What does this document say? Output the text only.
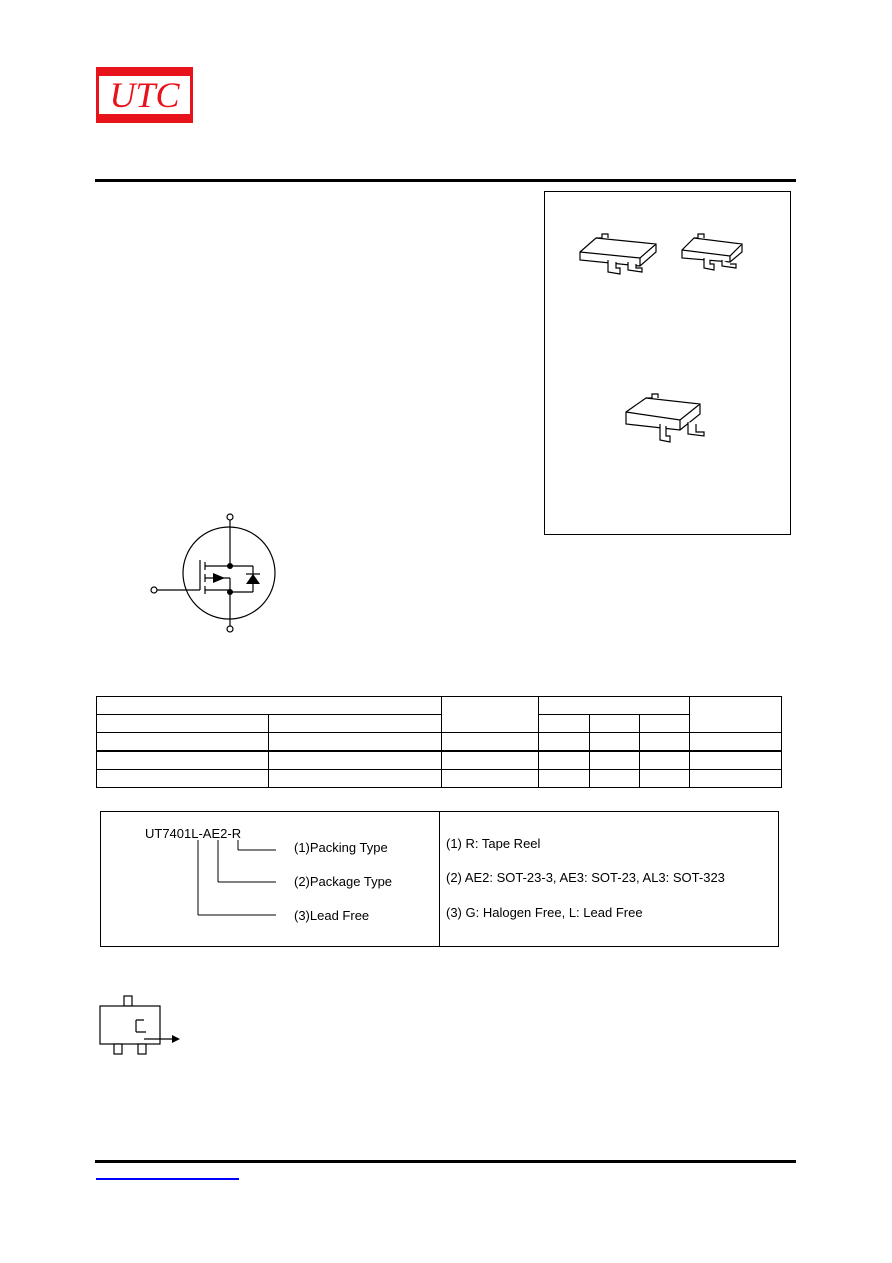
UTC

UT7401L-AE2-R
(1)Packing Type
(2)Package Type
(3)Lead Free
(1) R: Tape Reel
(2) AE2: SOT-23-3, AE3: SOT-23, AL3: SOT-323
(3) G: Halogen Free, L: Lead Free
